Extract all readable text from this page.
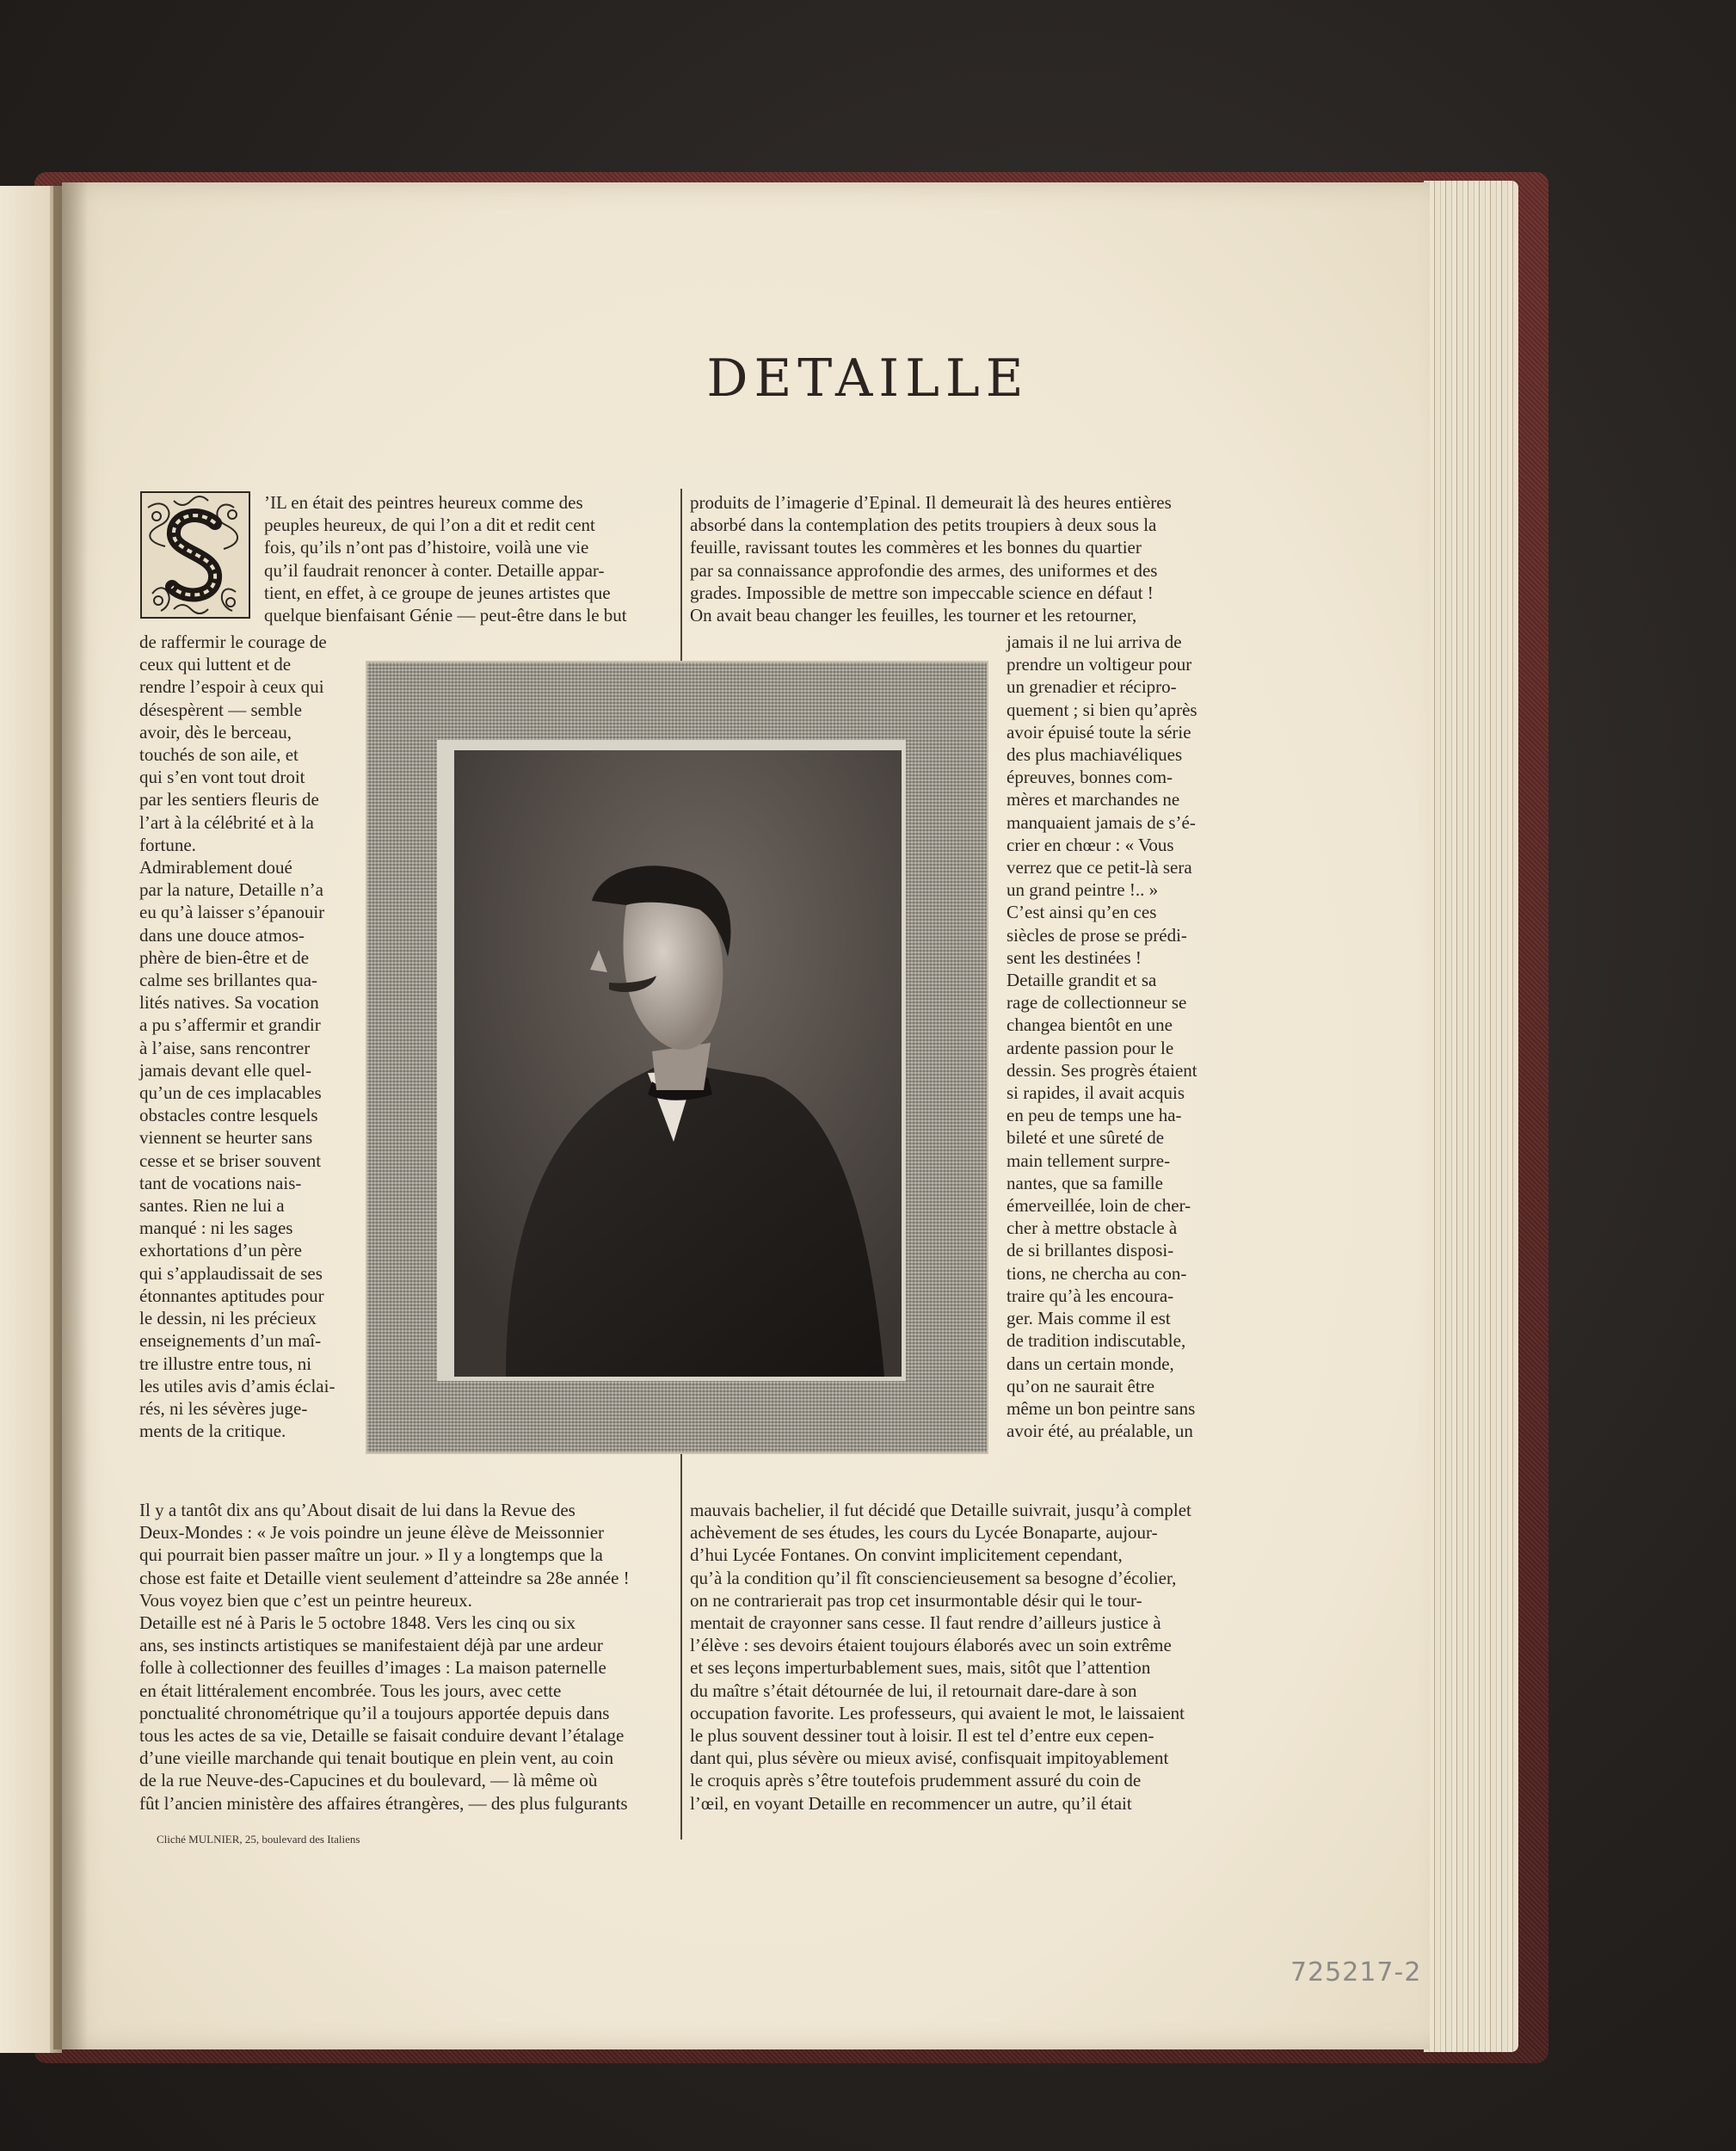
DETAILLE
’IL en était des peintres heureux comme des
peuples heureux, de qui l’on a dit et redit cent
fois, qu’ils n’ont pas d’histoire, voilà une vie
qu’il faudrait renoncer à conter. Detaille appar-
tient, en effet, à ce groupe de jeunes artistes que
quelque bienfaisant Génie — peut-être dans le but
de raffermir le courage de
ceux qui luttent et de
rendre l’espoir à ceux qui
désespèrent — semble
avoir, dès le berceau,
touchés de son aile, et
qui s’en vont tout droit
par les sentiers fleuris de
l’art à la célébrité et à la
fortune.
Admirablement doué
par la nature, Detaille n’a
eu qu’à laisser s’épanouir
dans une douce atmos-
phère de bien-être et de
calme ses brillantes qua-
lités natives. Sa vocation
a pu s’affermir et grandir
à l’aise, sans rencontrer
jamais devant elle quel-
qu’un de ces implacables
obstacles contre lesquels
viennent se heurter sans
cesse et se briser souvent
tant de vocations nais-
santes. Rien ne lui a
manqué : ni les sages
exhortations d’un père
qui s’applaudissait de ses
étonnantes aptitudes pour
le dessin, ni les précieux
enseignements d’un maî-
tre illustre entre tous, ni
les utiles avis d’amis éclai-
rés, ni les sévères juge-
ments de la critique.
Il y a tantôt dix ans qu’About disait de lui dans la Revue des
Deux-Mondes : « Je vois poindre un jeune élève de Meissonnier
qui pourrait bien passer maître un jour. » Il y a longtemps que la
chose est faite et Detaille vient seulement d’atteindre sa 28e année !
Vous voyez bien que c’est un peintre heureux.
Detaille est né à Paris le 5 octobre 1848. Vers les cinq ou six
ans, ses instincts artistiques se manifestaient déjà par une ardeur
folle à collectionner des feuilles d’images : La maison paternelle
en était littéralement encombrée. Tous les jours, avec cette
ponctualité chronométrique qu’il a toujours apportée depuis dans
tous les actes de sa vie, Detaille se faisait conduire devant l’étalage
d’une vieille marchande qui tenait boutique en plein vent, au coin
de la rue Neuve-des-Capucines et du boulevard, — là même où
fût l’ancien ministère des affaires étrangères, — des plus fulgurants
produits de l’imagerie d’Epinal. Il demeurait là des heures entières
absorbé dans la contemplation des petits troupiers à deux sous la
feuille, ravissant toutes les commères et les bonnes du quartier
par sa connaissance approfondie des armes, des uniformes et des
grades. Impossible de mettre son impeccable science en défaut !
On avait beau changer les feuilles, les tourner et les retourner,
jamais il ne lui arriva de
prendre un voltigeur pour
un grenadier et récipro-
quement ; si bien qu’après
avoir épuisé toute la série
des plus machiavéliques
épreuves, bonnes com-
mères et marchandes ne
manquaient jamais de s’é-
crier en chœur : « Vous
verrez que ce petit-là sera
un grand peintre !.. »
C’est ainsi qu’en ces
siècles de prose se prédi-
sent les destinées !
Detaille grandit et sa
rage de collectionneur se
changea bientôt en une
ardente passion pour le
dessin. Ses progrès étaient
si rapides, il avait acquis
en peu de temps une ha-
bileté et une sûreté de
main tellement surpre-
nantes, que sa famille
émerveillée, loin de cher-
cher à mettre obstacle à
de si brillantes disposi-
tions, ne chercha au con-
traire qu’à les encoura-
ger. Mais comme il est
de tradition indiscutable,
dans un certain monde,
qu’on ne saurait être
même un bon peintre sans
avoir été, au préalable, un
mauvais bachelier, il fut décidé que Detaille suivrait, jusqu’à complet
achèvement de ses études, les cours du Lycée Bonaparte, aujour-
d’hui Lycée Fontanes. On convint implicitement cependant,
qu’à la condition qu’il fît consciencieusement sa besogne d’écolier,
on ne contrarierait pas trop cet insurmontable désir qui le tour-
mentait de crayonner sans cesse. Il faut rendre d’ailleurs justice à
l’élève : ses devoirs étaient toujours élaborés avec un soin extrême
et ses leçons imperturbablement sues, mais, sitôt que l’attention
du maître s’était détournée de lui, il retournait dare-dare à son
occupation favorite. Les professeurs, qui avaient le mot, le laissaient
le plus souvent dessiner tout à loisir. Il est tel d’entre eux cepen-
dant qui, plus sévère ou mieux avisé, confisquait impitoyablement
le croquis après s’être toutefois prudemment assuré du coin de
l’œil, en voyant Detaille en recommencer un autre, qu’il était
Cliché MULNIER, 25, boulevard des Italiens
725217-2
